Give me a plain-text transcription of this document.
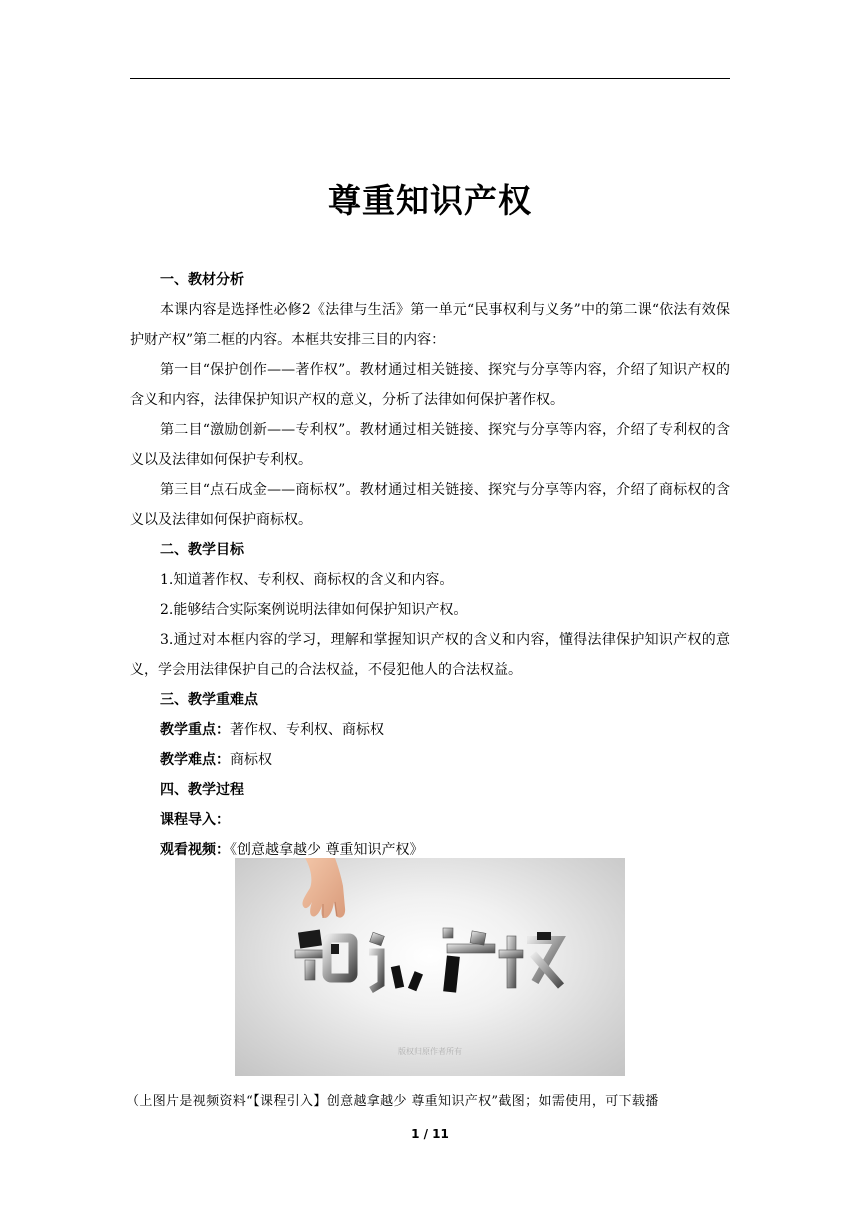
尊重知识产权

一、教材分析

本课内容是选择性必修2《法律与生活》第一单元“民事权利与义务”中的第二课“依法有效保护财产权”第二框的内容。本框共安排三目的内容：

第一目“保护创作——著作权”。教材通过相关链接、探究与分享等内容，介绍了知识产权的含义和内容，法律保护知识产权的意义，分析了法律如何保护著作权。

第二目“激励创新——专利权”。教材通过相关链接、探究与分享等内容，介绍了专利权的含义以及法律如何保护专利权。

第三目“点石成金——商标权”。教材通过相关链接、探究与分享等内容，介绍了商标权的含义以及法律如何保护商标权。

二、教学目标

1.知道著作权、专利权、商标权的含义和内容。

2.能够结合实际案例说明法律如何保护知识产权。

3.通过对本框内容的学习，理解和掌握知识产权的含义和内容，懂得法律保护知识产权的意义，学会用法律保护自己的合法权益，不侵犯他人的合法权益。

三、教学重难点

教学重点：著作权、专利权、商标权

教学难点：商标权

四、教学过程

课程导入：

观看视频：《创意越拿越少 尊重知识产权》

版权归原作者所有
（上图片是视频资料“【课程引入】创意越拿越少 尊重知识产权”截图；如需使用，可下载播
1 / 11
